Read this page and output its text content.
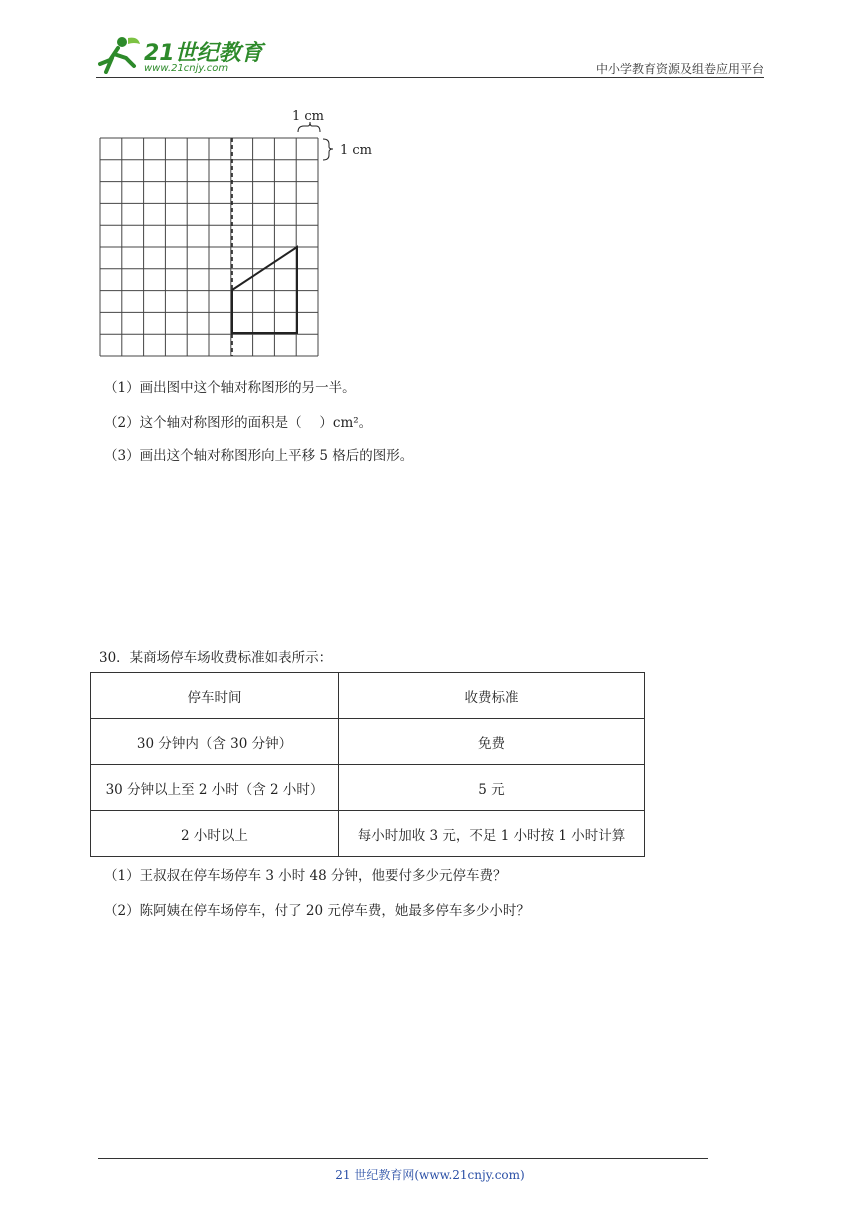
21世纪教育
www.21cnjy.com	中小学教育资源及组卷应用平台
1 cm
1 cm
（1）画出图中这个轴对称图形的另一半。
（2）这个轴对称图形的面积是（　 ）cm²。
（3）画出这个轴对称图形向上平移 5 格后的图形。
30．某商场停车场收费标准如表所示：
停车时间	收费标准
30 分钟内（含 30 分钟）	免费
30 分钟以上至 2 小时（含 2 小时）	5 元
2 小时以上	每小时加收 3 元，不足 1 小时按 1 小时计算
（1）王叔叔在停车场停车 3 小时 48 分钟，他要付多少元停车费？
（2）陈阿姨在停车场停车，付了 20 元停车费，她最多停车多少小时？
21 世纪教育网(www.21cnjy.com)
